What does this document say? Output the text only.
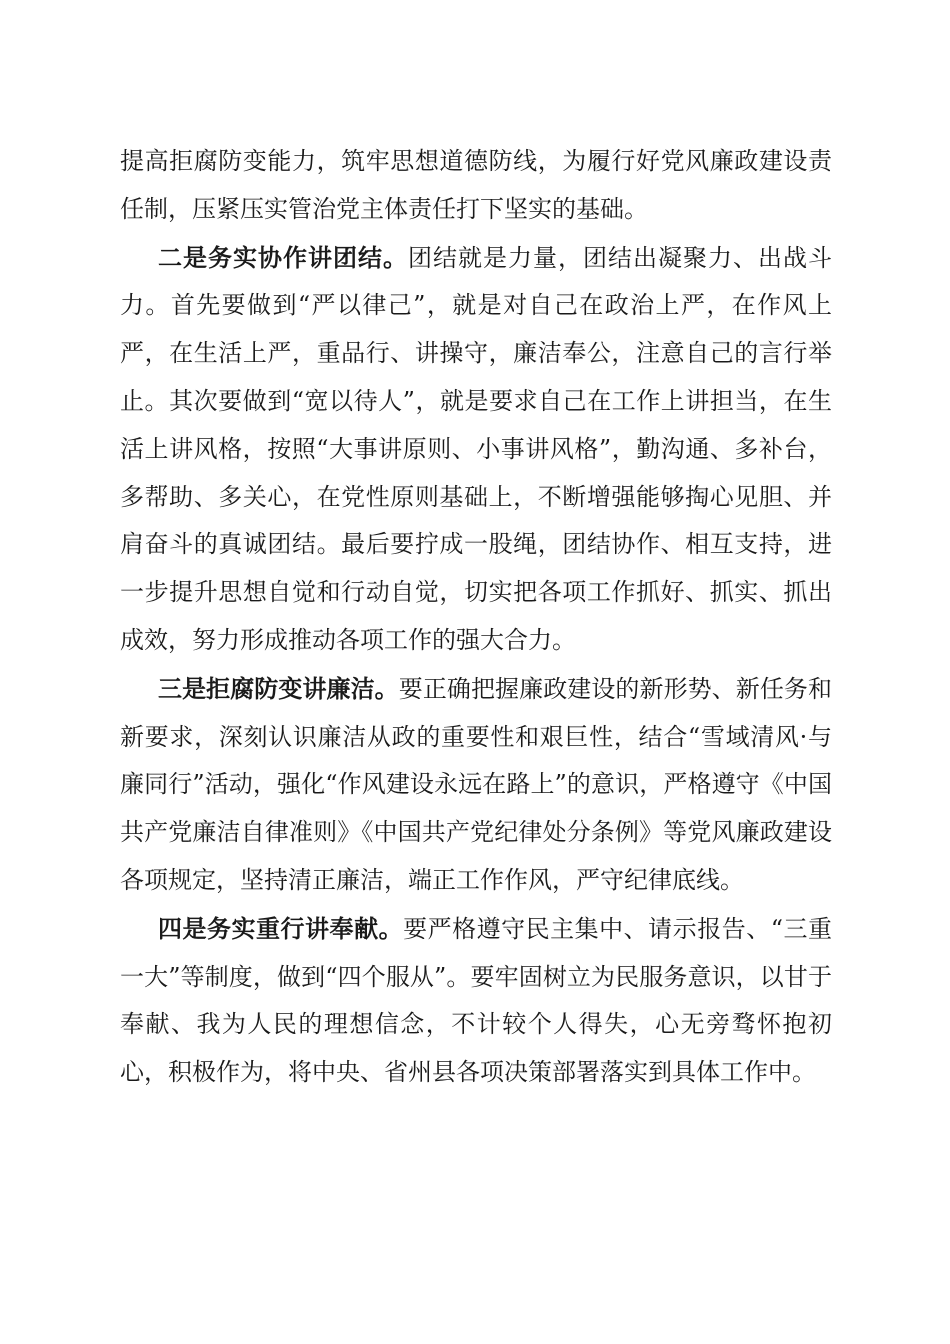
提高拒腐防变能力，筑牢思想道德防线，为履行好党风廉政建设责任制，压紧压实管治党主体责任打下坚实的基础。

二是务实协作讲团结。团结就是力量，团结出凝聚力、出战斗力。首先要做到“严以律己”，就是对自己在政治上严，在作风上严，在生活上严，重品行、讲操守，廉洁奉公，注意自己的言行举止。其次要做到“宽以待人”，就是要求自己在工作上讲担当，在生活上讲风格，按照“大事讲原则、小事讲风格”，勤沟通、多补台，多帮助、多关心，在党性原则基础上，不断增强能够掏心见胆、并肩奋斗的真诚团结。最后要拧成一股绳，团结协作、相互支持，进一步提升思想自觉和行动自觉，切实把各项工作抓好、抓实、抓出成效，努力形成推动各项工作的强大合力。

三是拒腐防变讲廉洁。要正确把握廉政建设的新形势、新任务和新要求，深刻认识廉洁从政的重要性和艰巨性，结合“雪域清风·与廉同行”活动，强化“作风建设永远在路上”的意识，严格遵守《中国共产党廉洁自律准则》《中国共产党纪律处分条例》等党风廉政建设各项规定，坚持清正廉洁，端正工作作风，严守纪律底线。

四是务实重行讲奉献。要严格遵守民主集中、请示报告、“三重一大”等制度，做到“四个服从”。要牢固树立为民服务意识，以甘于奉献、我为人民的理想信念，不计较个人得失，心无旁骛怀抱初心，积极作为，将中央、省州县各项决策部署落实到具体工作中。
